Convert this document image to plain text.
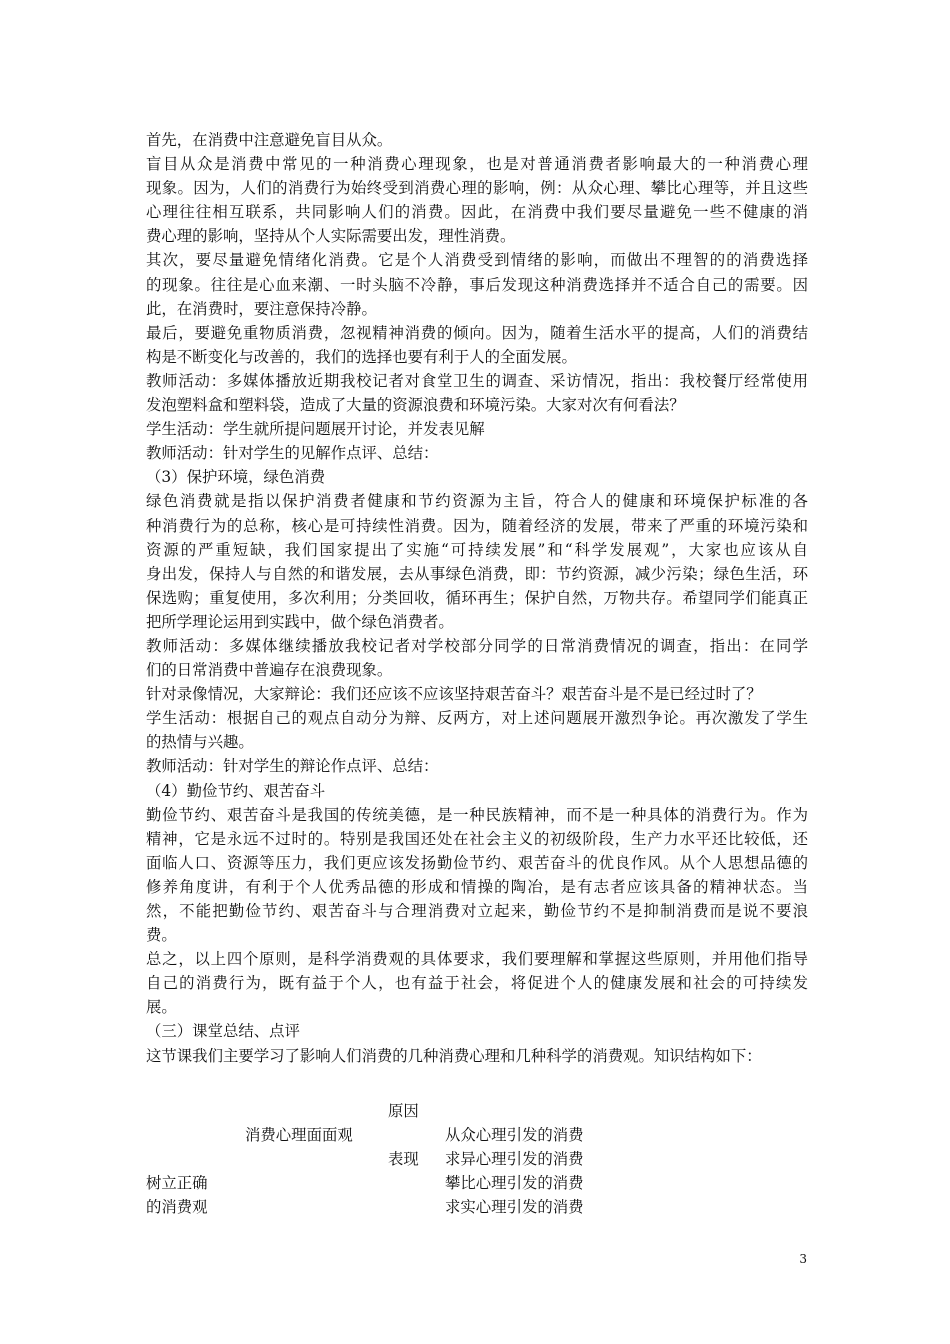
首先，在消费中注意避免盲目从众。
盲目从众是消费中常见的一种消费心理现象，也是对普通消费者影响最大的一种消费心理
现象。因为，人们的消费行为始终受到消费心理的影响，例：从众心理、攀比心理等，并且这些
心理往往相互联系，共同影响人们的消费。因此，在消费中我们要尽量避免一些不健康的消
费心理的影响，坚持从个人实际需要出发，理性消费。
其次，要尽量避免情绪化消费。它是个人消费受到情绪的影响，而做出不理智的的消费选择
的现象。往往是心血来潮、一时头脑不冷静，事后发现这种消费选择并不适合自己的需要。因
此，在消费时，要注意保持冷静。
最后，要避免重物质消费，忽视精神消费的倾向。因为，随着生活水平的提高，人们的消费结
构是不断变化与改善的，我们的选择也要有利于人的全面发展。
教师活动：多媒体播放近期我校记者对食堂卫生的调查、采访情况，指出：我校餐厅经常使用
发泡塑料盒和塑料袋，造成了大量的资源浪费和环境污染。大家对次有何看法？
学生活动：学生就所提问题展开讨论，并发表见解
教师活动：针对学生的见解作点评、总结：
（3）保护环境，绿色消费
绿色消费就是指以保护消费者健康和节约资源为主旨，符合人的健康和环境保护标准的各
种消费行为的总称，核心是可持续性消费。因为，随着经济的发展，带来了严重的环境污染和
资源的严重短缺，我们国家提出了实施“可持续发展”和“科学发展观”，大家也应该从自
身出发，保持人与自然的和谐发展，去从事绿色消费，即：节约资源，减少污染；绿色生活，环
保选购；重复使用，多次利用；分类回收，循环再生；保护自然，万物共存。希望同学们能真正
把所学理论运用到实践中，做个绿色消费者。
教师活动：多媒体继续播放我校记者对学校部分同学的日常消费情况的调查，指出：在同学
们的日常消费中普遍存在浪费现象。
针对录像情况，大家辩论：我们还应该不应该坚持艰苦奋斗？艰苦奋斗是不是已经过时了？
学生活动：根据自己的观点自动分为辩、反两方，对上述问题展开激烈争论。再次激发了学生
的热情与兴趣。
教师活动：针对学生的辩论作点评、总结：
（4）勤俭节约、艰苦奋斗
勤俭节约、艰苦奋斗是我国的传统美德，是一种民族精神，而不是一种具体的消费行为。作为
精神，它是永远不过时的。特别是我国还处在社会主义的初级阶段，生产力水平还比较低，还
面临人口、资源等压力，我们更应该发扬勤俭节约、艰苦奋斗的优良作风。从个人思想品德的
修养角度讲，有利于个人优秀品德的形成和情操的陶冶，是有志者应该具备的精神状态。当
然，不能把勤俭节约、艰苦奋斗与合理消费对立起来，勤俭节约不是抑制消费而是说不要浪
费。
总之，以上四个原则，是科学消费观的具体要求，我们要理解和掌握这些原则，并用他们指导
自己的消费行为，既有益于个人，也有益于社会，将促进个人的健康发展和社会的可持续发
展。
（三）课堂总结、点评
这节课我们主要学习了影响人们消费的几种消费心理和几种科学的消费观。知识结构如下：
原因
消费心理面面观	从众心理引发的消费
表现 求异心理引发的消费
树立正确	攀比心理引发的消费
的消费观	求实心理引发的消费
3
